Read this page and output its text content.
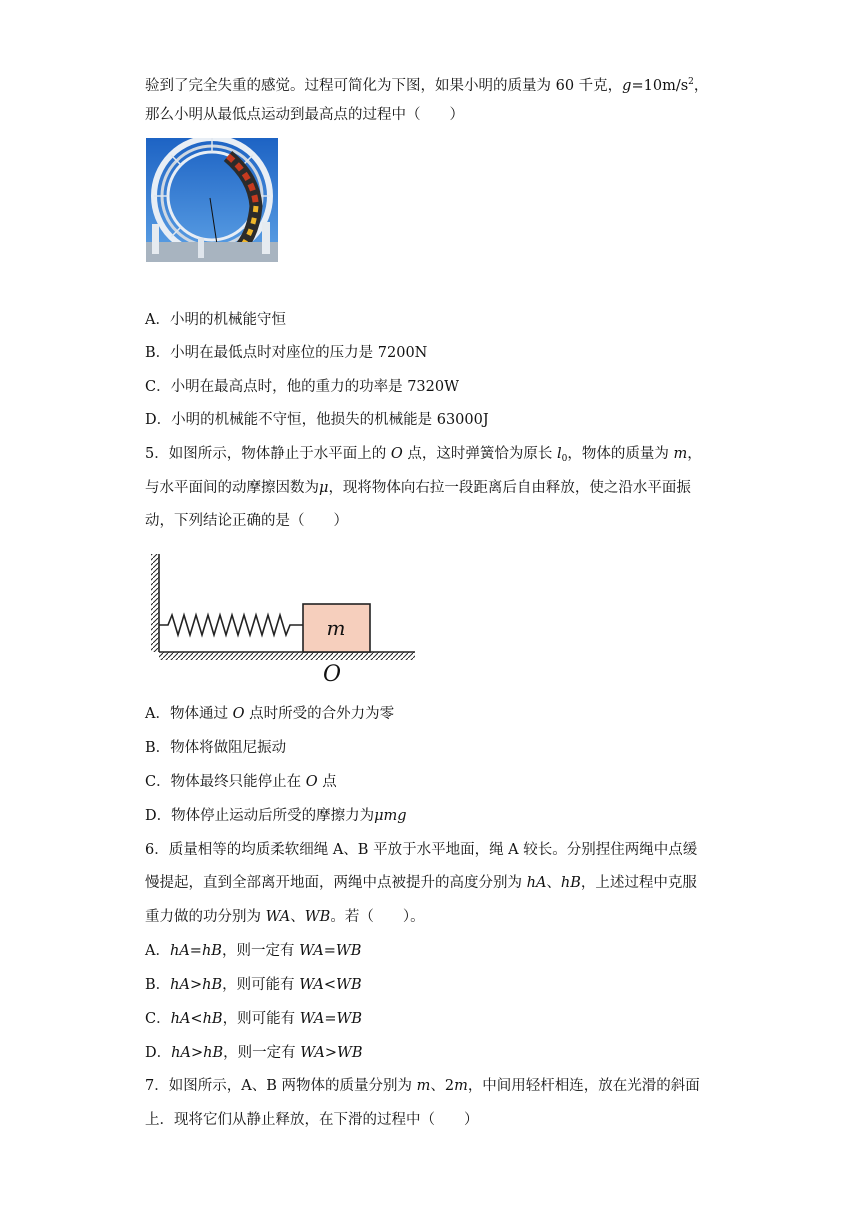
验到了完全失重的感觉。过程可简化为下图，如果小明的质量为 60 千克，$g=10m/s^2$，
那么小明从最低点运动到最高点的过程中（　　）
A．小明的机械能守恒
B．小明在最低点时对座位的压力是 7200N
C．小明在最高点时，他的重力的功率是 7320W
D．小明的机械能不守恒，他损失的机械能是 63000J
5．如图所示，物体静止于水平面上的 O 点，这时弹簧恰为原长 $l_0$，物体的质量为 m，
与水平面间的动摩擦因数为μ，现将物体向右拉一段距离后自由释放，使之沿水平面振
动，下列结论正确的是（　　）
m
O
A．物体通过 O 点时所受的合外力为零
B．物体将做阻尼振动
C．物体最终只能停止在 O 点
D．物体停止运动后所受的摩擦力为μmg
6．质量相等的均质柔软细绳 A、B 平放于水平地面，绳 A 较长。分别捏住两绳中点缓
慢提起，直到全部离开地面，两绳中点被提升的高度分别为 hA、hB，上述过程中克服
重力做的功分别为 WA、WB。若（　　）。
A．hA=hB，则一定有 WA=WB
B．hA>hB，则可能有 WA<WB
C．hA<hB，则可能有 WA=WB
D．hA>hB，则一定有 WA>WB
7．如图所示，A、B 两物体的质量分别为 m、2m，中间用轻杆相连，放在光滑的斜面
上．现将它们从静止释放，在下滑的过程中（　　）
